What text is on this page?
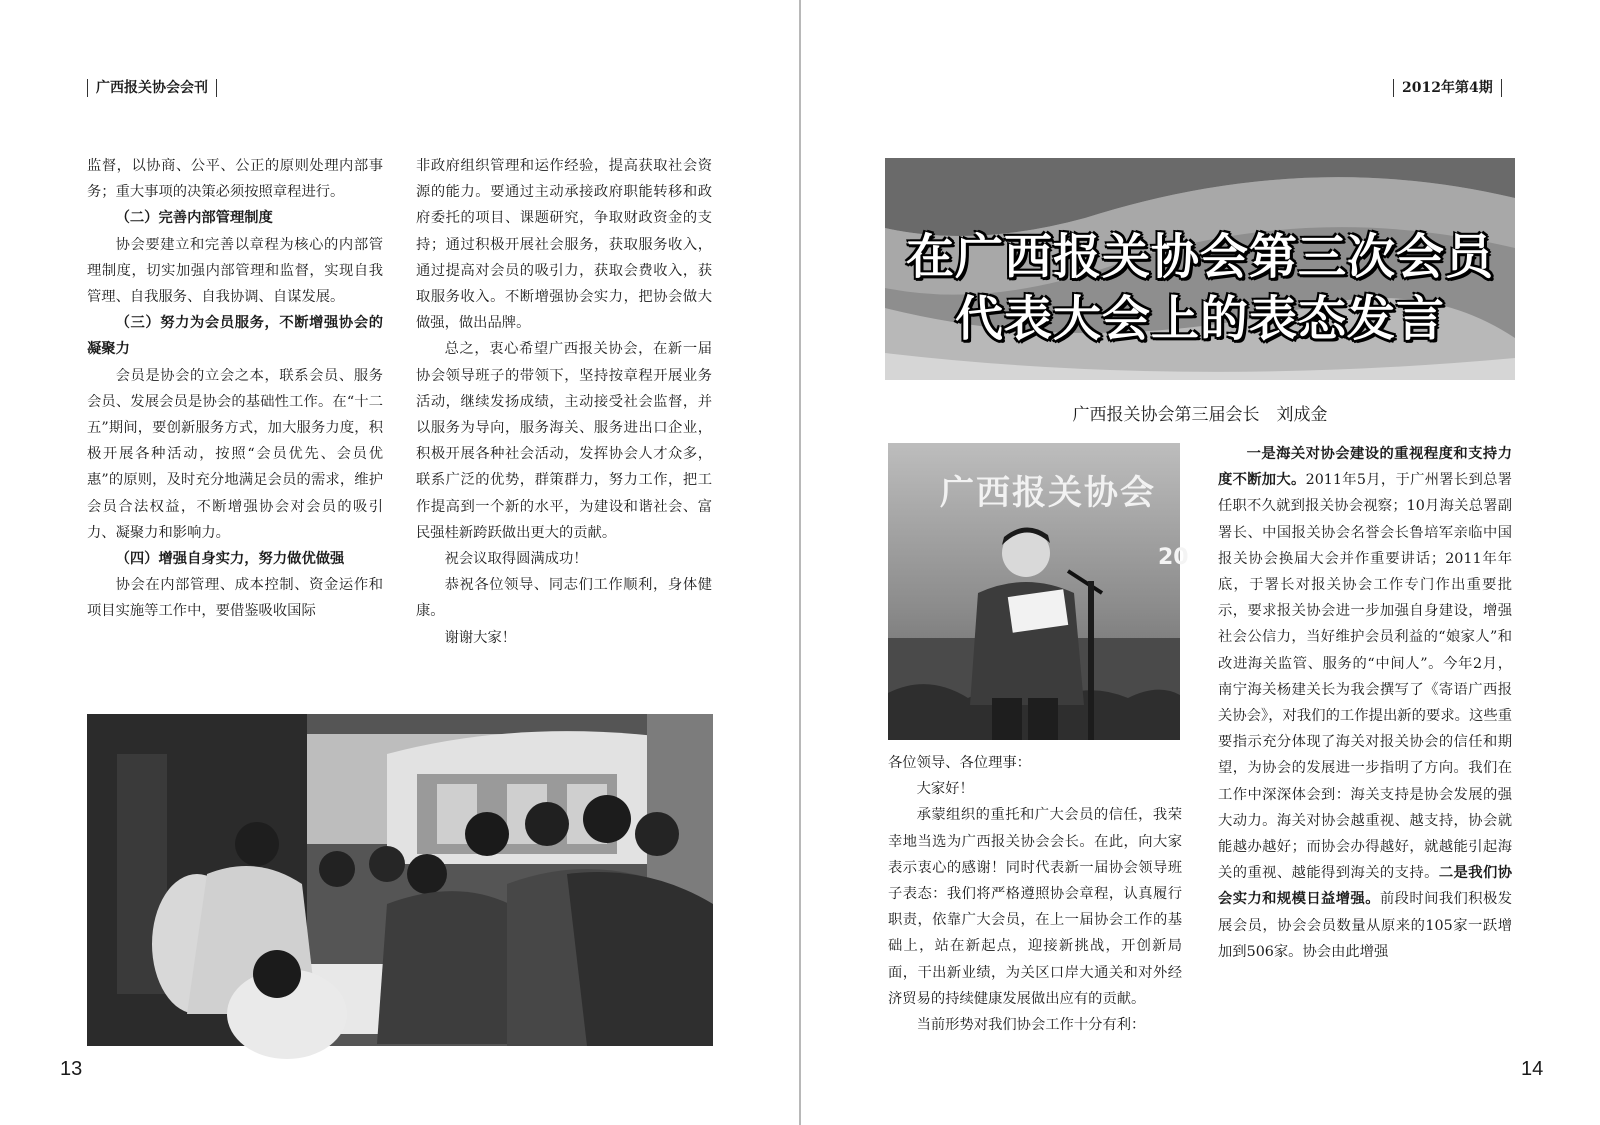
广西报关协会会刊	2012年第4期

监督，以协商、公平、公正的原则处理内部事务；重大事项的决策必须按照章程进行。

（二）完善内部管理制度

协会要建立和完善以章程为核心的内部管理制度，切实加强内部管理和监督，实现自我管理、自我服务、自我协调、自谋发展。

（三）努力为会员服务，不断增强协会的凝聚力

会员是协会的立会之本，联系会员、服务会员、发展会员是协会的基础性工作。在“十二五”期间，要创新服务方式，加大服务力度，积极开展各种活动，按照“会员优先、会员优惠”的原则，及时充分地满足会员的需求，维护会员合法权益，不断增强协会对会员的吸引力、凝聚力和影响力。

（四）增强自身实力，努力做优做强

协会在内部管理、成本控制、资金运作和项目实施等工作中，要借鉴吸收国际

非政府组织管理和运作经验，提高获取社会资源的能力。要通过主动承接政府职能转移和政府委托的项目、课题研究，争取财政资金的支持；通过积极开展社会服务，获取服务收入，通过提高对会员的吸引力，获取会费收入，获取服务收入。不断增强协会实力，把协会做大做强，做出品牌。

总之，衷心希望广西报关协会，在新一届协会领导班子的带领下，坚持按章程开展业务活动，继续发扬成绩，主动接受社会监督，并以服务为导向，服务海关、服务进出口企业，积极开展各种社会活动，发挥协会人才众多，联系广泛的优势，群策群力，努力工作，把工作提高到一个新的水平，为建设和谐社会、富民强桂新跨跃做出更大的贡献。

祝会议取得圆满成功！

恭祝各位领导、同志们工作顺利，身体健康。

谢谢大家！

13
在广西报关协会第三次会员
代表大会上的表态发言
广西报关协会第三届会长　刘成金
广西报关协会
20

各位领导、各位理事：

大家好！

承蒙组织的重托和广大会员的信任，我荣幸地当选为广西报关协会会长。在此，向大家表示衷心的感谢！同时代表新一届协会领导班子表态：我们将严格遵照协会章程，认真履行职责，依靠广大会员，在上一届协会工作的基础上，站在新起点，迎接新挑战，开创新局面，干出新业绩，为关区口岸大通关和对外经济贸易的持续健康发展做出应有的贡献。

当前形势对我们协会工作十分有利：

一是海关对协会建设的重视程度和支持力度不断加大。2011年5月，于广州署长到总署任职不久就到报关协会视察；10月海关总署副署长、中国报关协会名誉会长鲁培军亲临中国报关协会换届大会并作重要讲话；2011年年底，于署长对报关协会工作专门作出重要批示，要求报关协会进一步加强自身建设，增强社会公信力，当好维护会员利益的“娘家人”和改进海关监管、服务的“中间人”。今年2月，南宁海关杨建关长为我会撰写了《寄语广西报关协会》，对我们的工作提出新的要求。这些重要指示充分体现了海关对报关协会的信任和期望，为协会的发展进一步指明了方向。我们在工作中深深体会到：海关支持是协会发展的强大动力。海关对协会越重视、越支持，协会就能越办越好；而协会办得越好，就越能引起海关的重视、越能得到海关的支持。二是我们协会实力和规模日益增强。前段时间我们积极发展会员，协会会员数量从原来的105家一跃增加到506家。协会由此增强

14
